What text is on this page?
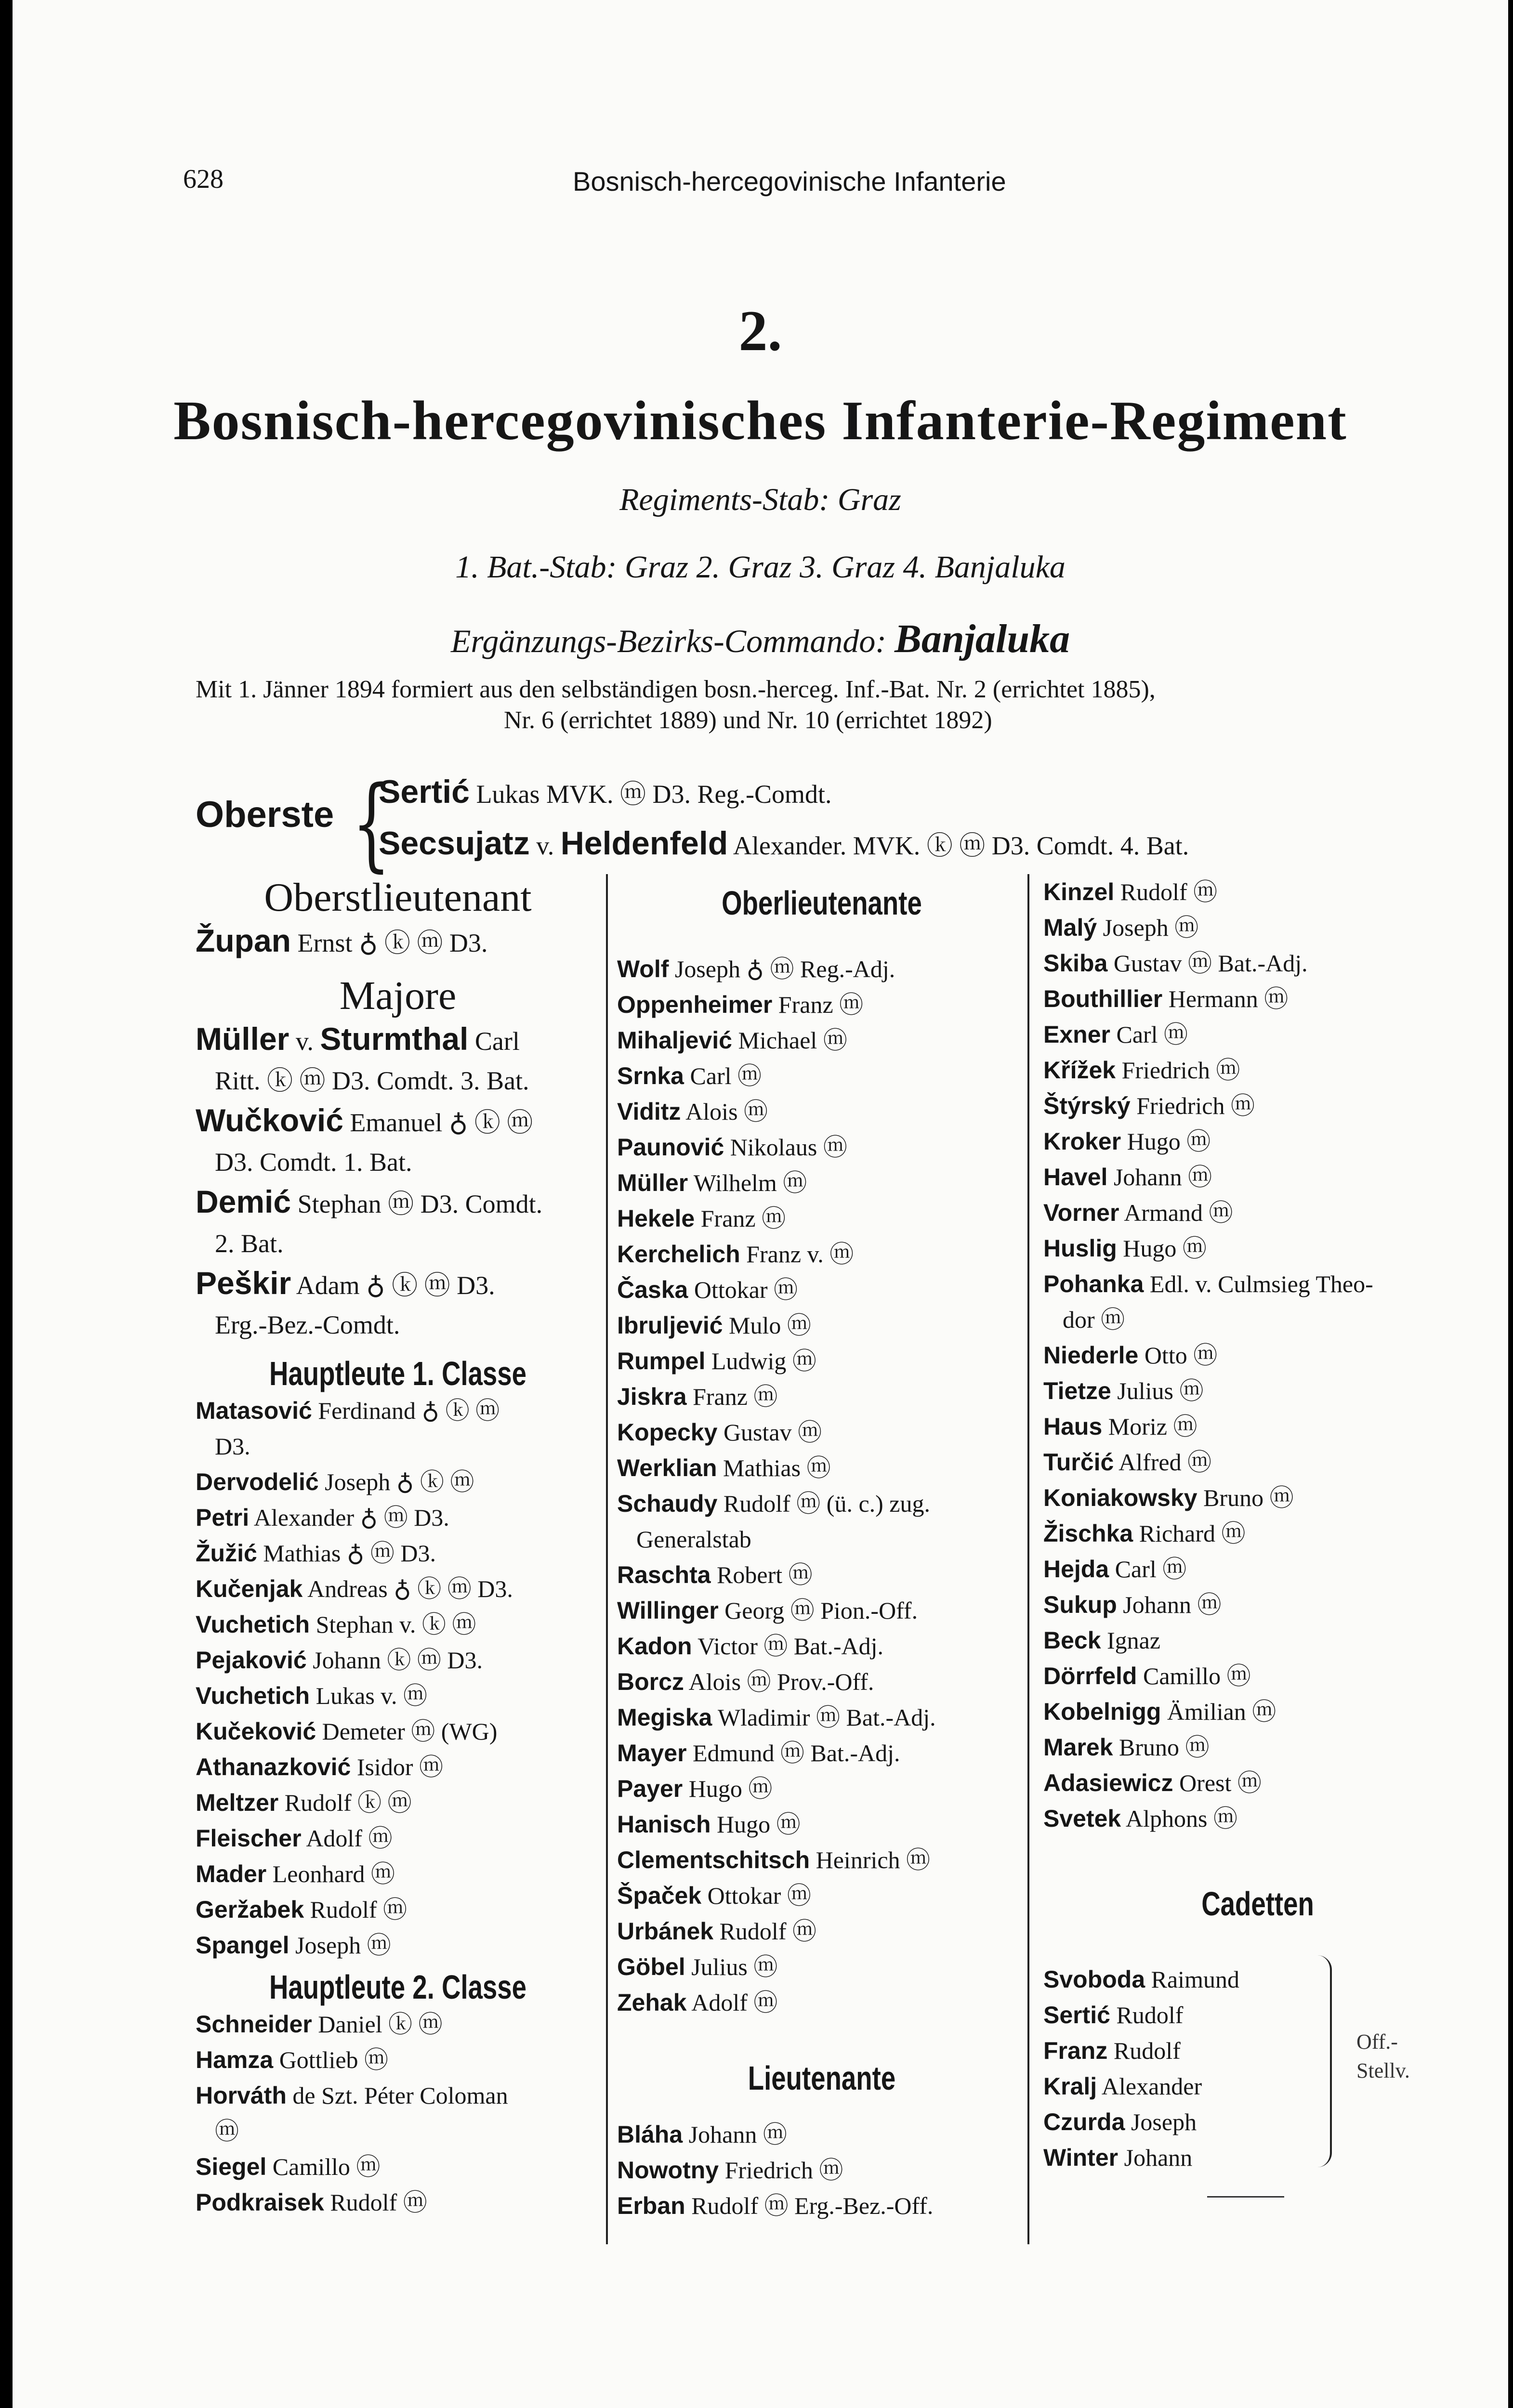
628	Bosnisch-hercegovinische Infanterie
2.
Bosnisch-hercegovinisches Infanterie-Regiment
Regiments-Stab: Graz
1. Bat.-Stab: Graz 2. Graz 3. Graz 4. Banjaluka
Ergänzungs-Bezirks-Commando: Banjaluka
Mit 1. Jänner 1894 formiert aus den selbständigen bosn.-herceg. Inf.-Bat. Nr. 2 (errichtet 1885),
Nr. 6 (errichtet 1889) und Nr. 10 (errichtet 1892)
Oberste {
Sertić Lukas MVK. ⓜ D3. Reg.-Comdt.
Secsujatz v. Heldenfeld Alexander. MVK. ⓚ ⓜ D3. Comdt. 4. Bat.
Oberstlieutenant
Župan Ernst ♁ ⓚ ⓜ D3.
Majore
Müller v. Sturmthal Carl
Ritt. ⓚ ⓜ D3. Comdt. 3. Bat.
Wučković Emanuel ♁ ⓚ ⓜ
D3. Comdt. 1. Bat.
Demić Stephan ⓜ D3. Comdt.
2. Bat.
Peškir Adam ♁ ⓚ ⓜ D3.
Erg.-Bez.-Comdt.
Hauptleute 1. Classe
Matasović Ferdinand ♁ ⓚ ⓜ
D3.
Dervodelić Joseph ♁ ⓚ ⓜ
Petri Alexander ♁ ⓜ D3.
Žužić Mathias ♁ ⓜ D3.
Kučenjak Andreas ♁ ⓚ ⓜ D3.
Vuchetich Stephan v. ⓚ ⓜ
Pejaković Johann ⓚ ⓜ D3.
Vuchetich Lukas v. ⓜ
Kučeković Demeter ⓜ (WG)
Athanazković Isidor ⓜ
Meltzer Rudolf ⓚ ⓜ
Fleischer Adolf ⓜ
Mader Leonhard ⓜ
Geržabek Rudolf ⓜ
Spangel Joseph ⓜ
Hauptleute 2. Classe
Schneider Daniel ⓚ ⓜ
Hamza Gottlieb ⓜ
Horváth de Szt. Péter Coloman
ⓜ
Siegel Camillo ⓜ
Podkraisek Rudolf ⓜ
Oberlieutenante
Wolf Joseph ♁ ⓜ Reg.-Adj.
Oppenheimer Franz ⓜ
Mihaljević Michael ⓜ
Srnka Carl ⓜ
Viditz Alois ⓜ
Paunović Nikolaus ⓜ
Müller Wilhelm ⓜ
Hekele Franz ⓜ
Kerchelich Franz v. ⓜ
Časka Ottokar ⓜ
Ibruljević Mulo ⓜ
Rumpel Ludwig ⓜ
Jiskra Franz ⓜ
Kopecky Gustav ⓜ
Werklian Mathias ⓜ
Schaudy Rudolf ⓜ (ü. c.) zug.
Generalstab
Raschta Robert ⓜ
Willinger Georg ⓜ Pion.-Off.
Kadon Victor ⓜ Bat.-Adj.
Borcz Alois ⓜ Prov.-Off.
Megiska Wladimir ⓜ Bat.-Adj.
Mayer Edmund ⓜ Bat.-Adj.
Payer Hugo ⓜ
Hanisch Hugo ⓜ
Clementschitsch Heinrich ⓜ
Špaček Ottokar ⓜ
Urbánek Rudolf ⓜ
Göbel Julius ⓜ
Zehak Adolf ⓜ
Lieutenante
Bláha Johann ⓜ
Nowotny Friedrich ⓜ
Erban Rudolf ⓜ Erg.-Bez.-Off.
Kinzel Rudolf ⓜ
Malý Joseph ⓜ
Skiba Gustav ⓜ Bat.-Adj.
Bouthillier Hermann ⓜ
Exner Carl ⓜ
Křížek Friedrich ⓜ
Štýrský Friedrich ⓜ
Kroker Hugo ⓜ
Havel Johann ⓜ
Vorner Armand ⓜ
Huslig Hugo ⓜ
Pohanka Edl. v. Culmsieg Theo-
dor ⓜ
Niederle Otto ⓜ
Tietze Julius ⓜ
Haus Moriz ⓜ
Turčić Alfred ⓜ
Koniakowsky Bruno ⓜ
Žischka Richard ⓜ
Hejda Carl ⓜ
Sukup Johann ⓜ
Beck Ignaz
Dörrfeld Camillo ⓜ
Kobelnigg Ämilian ⓜ
Marek Bruno ⓜ
Adasiewicz Orest ⓜ
Svetek Alphons ⓜ
Cadetten
Svoboda Raimund
Sertić Rudolf
Franz Rudolf
Kralj Alexander
Czurda Joseph
Winter Johann
Off.-
Stellv.
